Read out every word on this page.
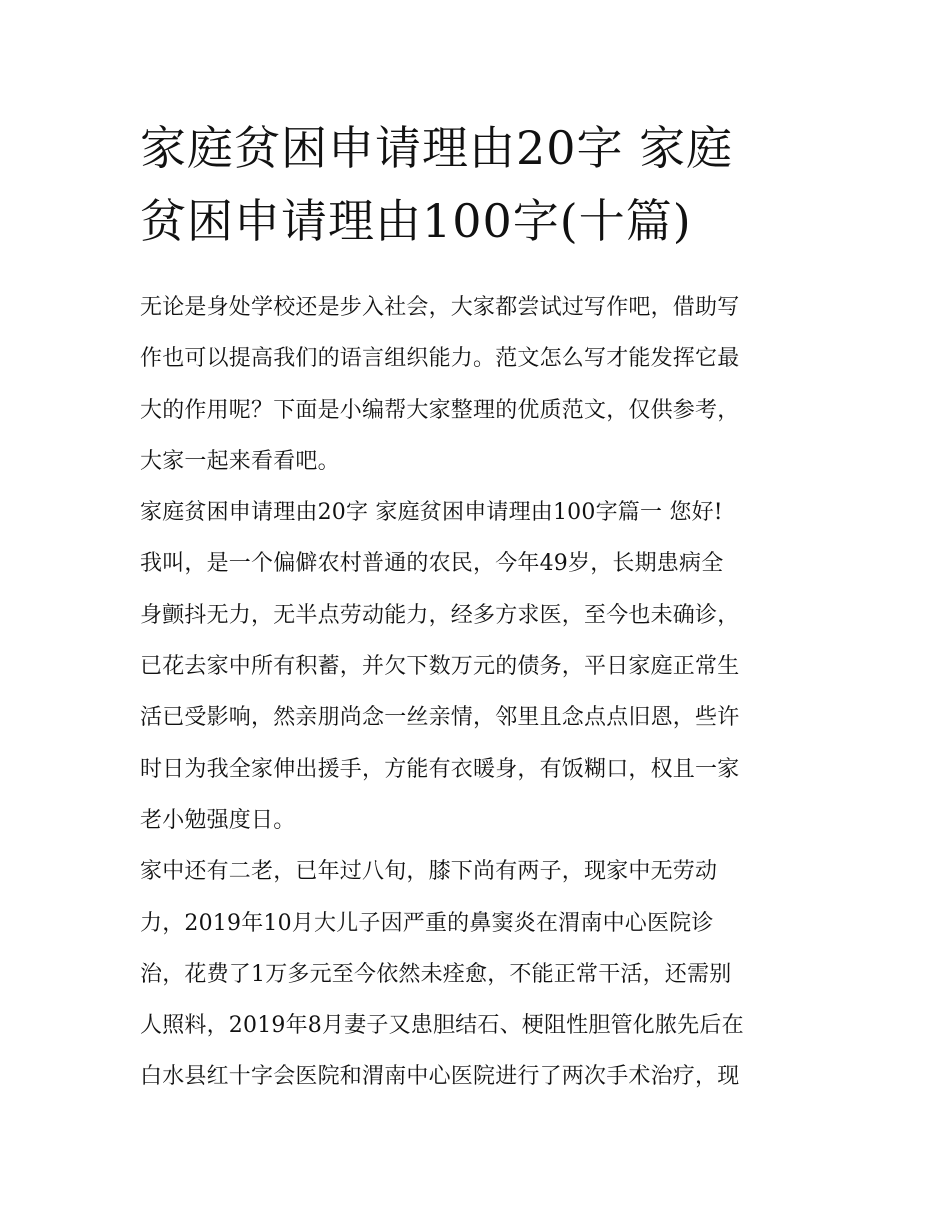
家庭贫困申请理由20字 家庭
贫困申请理由100字(十篇)
无论是身处学校还是步入社会，大家都尝试过写作吧，借助写
作也可以提高我们的语言组织能力。范文怎么写才能发挥它最
大的作用呢？下面是小编帮大家整理的优质范文，仅供参考，
大家一起来看看吧。
家庭贫困申请理由20字 家庭贫困申请理由100字篇一 您好!
我叫，是一个偏僻农村普通的农民，今年49岁，长期患病全
身颤抖无力，无半点劳动能力，经多方求医，至今也未确诊，
已花去家中所有积蓄，并欠下数万元的债务，平日家庭正常生
活已受影响，然亲朋尚念一丝亲情，邻里且念点点旧恩，些许
时日为我全家伸出援手，方能有衣暖身，有饭糊口，权且一家
老小勉强度日。
家中还有二老，已年过八旬，膝下尚有两子，现家中无劳动
力，2019年10月大儿子因严重的鼻窦炎在渭南中心医院诊
治，花费了1万多元至今依然未痊愈，不能正常干活，还需别
人照料，2019年8月妻子又患胆结石、梗阻性胆管化脓先后在
白水县红十字会医院和渭南中心医院进行了两次手术治疗，现
